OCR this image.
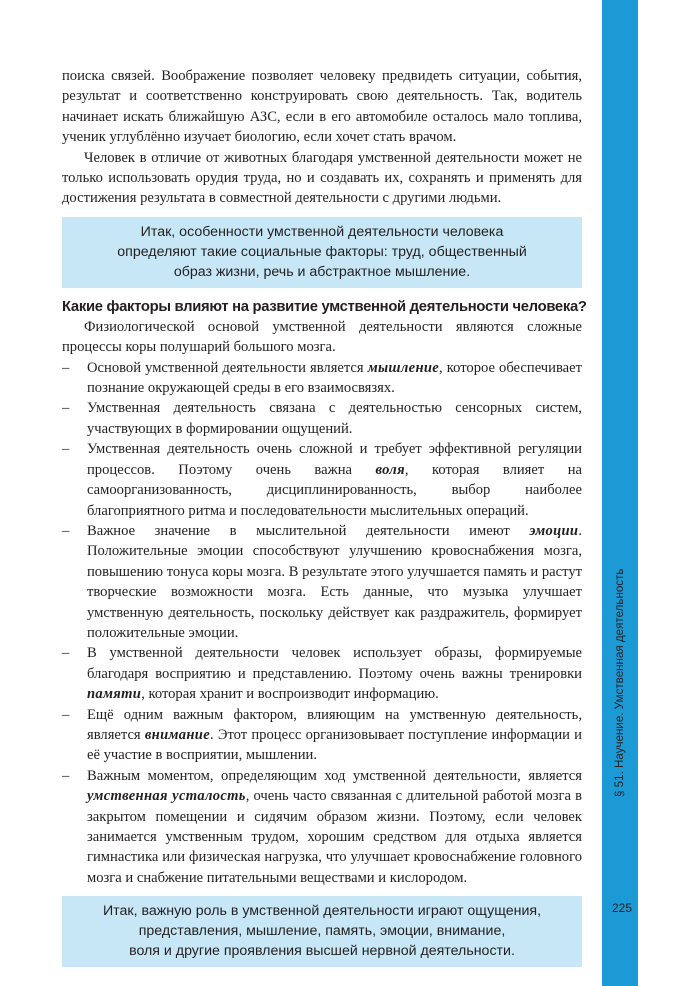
поиска связей. Воображение позволяет человеку предвидеть ситуации, события, результат и соответственно конструировать свою деятельность. Так, водитель начинает искать ближайшую АЗС, если в его автомобиле осталось мало топлива, ученик углублённо изучает биологию, если хочет стать врачом.

Человек в отличие от животных благодаря умственной деятельности может не только использовать орудия труда, но и создавать их, сохранять и применять для достижения результата в совместной деятельности с другими людьми.

Итак, особенности умственной деятельности человека
определяют такие социальные факторы: труд, общественный
образ жизни, речь и абстрактное мышление.
Какие факторы влияют на развитие умственной деятельности человека?

Физиологической основой умственной деятельности являются сложные процессы коры полушарий большого мозга.

– Основой умственной деятельности является мышление, которое обеспечивает познание окружающей среды в его взаимосвязях.
– Умственная деятельность связана с деятельностью сенсорных систем, участвующих в формировании ощущений.
– Умственная деятельность очень сложной и требует эффективной регуляции процессов. Поэтому очень важна воля, которая влияет на самоорганизованность, дисциплинированность, выбор наиболее благоприятного ритма и последовательности мыслительных операций.
– Важное значение в мыслительной деятельности имеют эмоции. Положительные эмоции способствуют улучшению кровоснабжения мозга, повышению тонуса коры мозга. В результате этого улучшается память и растут творческие возможности мозга. Есть данные, что музыка улучшает умственную деятельность, поскольку действует как раздражитель, формирует положительные эмоции.
– В умственной деятельности человек использует образы, формируемые благодаря восприятию и представлению. Поэтому очень важны тренировки памяти, которая хранит и воспроизводит информацию.
– Ещё одним важным фактором, влияющим на умственную деятельность, является внимание. Этот процесс организовывает поступление информации и её участие в восприятии, мышлении.
– Важным моментом, определяющим ход умственной деятельности, является умственная усталость, очень часто связанная с длительной работой мозга в закрытом помещении и сидячим образом жизни. Поэтому, если человек занимается умственным трудом, хорошим средством для отдыха является гимнастика или физическая нагрузка, что улучшает кровоснабжение головного мозга и снабжение питательными веществами и кислородом.
Итак, важную роль в умственной деятельности играют ощущения,
представления, мышление, память, эмоции, внимание,
воля и другие проявления высшей нервной деятельности.
§ 51. Научение. Умственная деятельность
225
